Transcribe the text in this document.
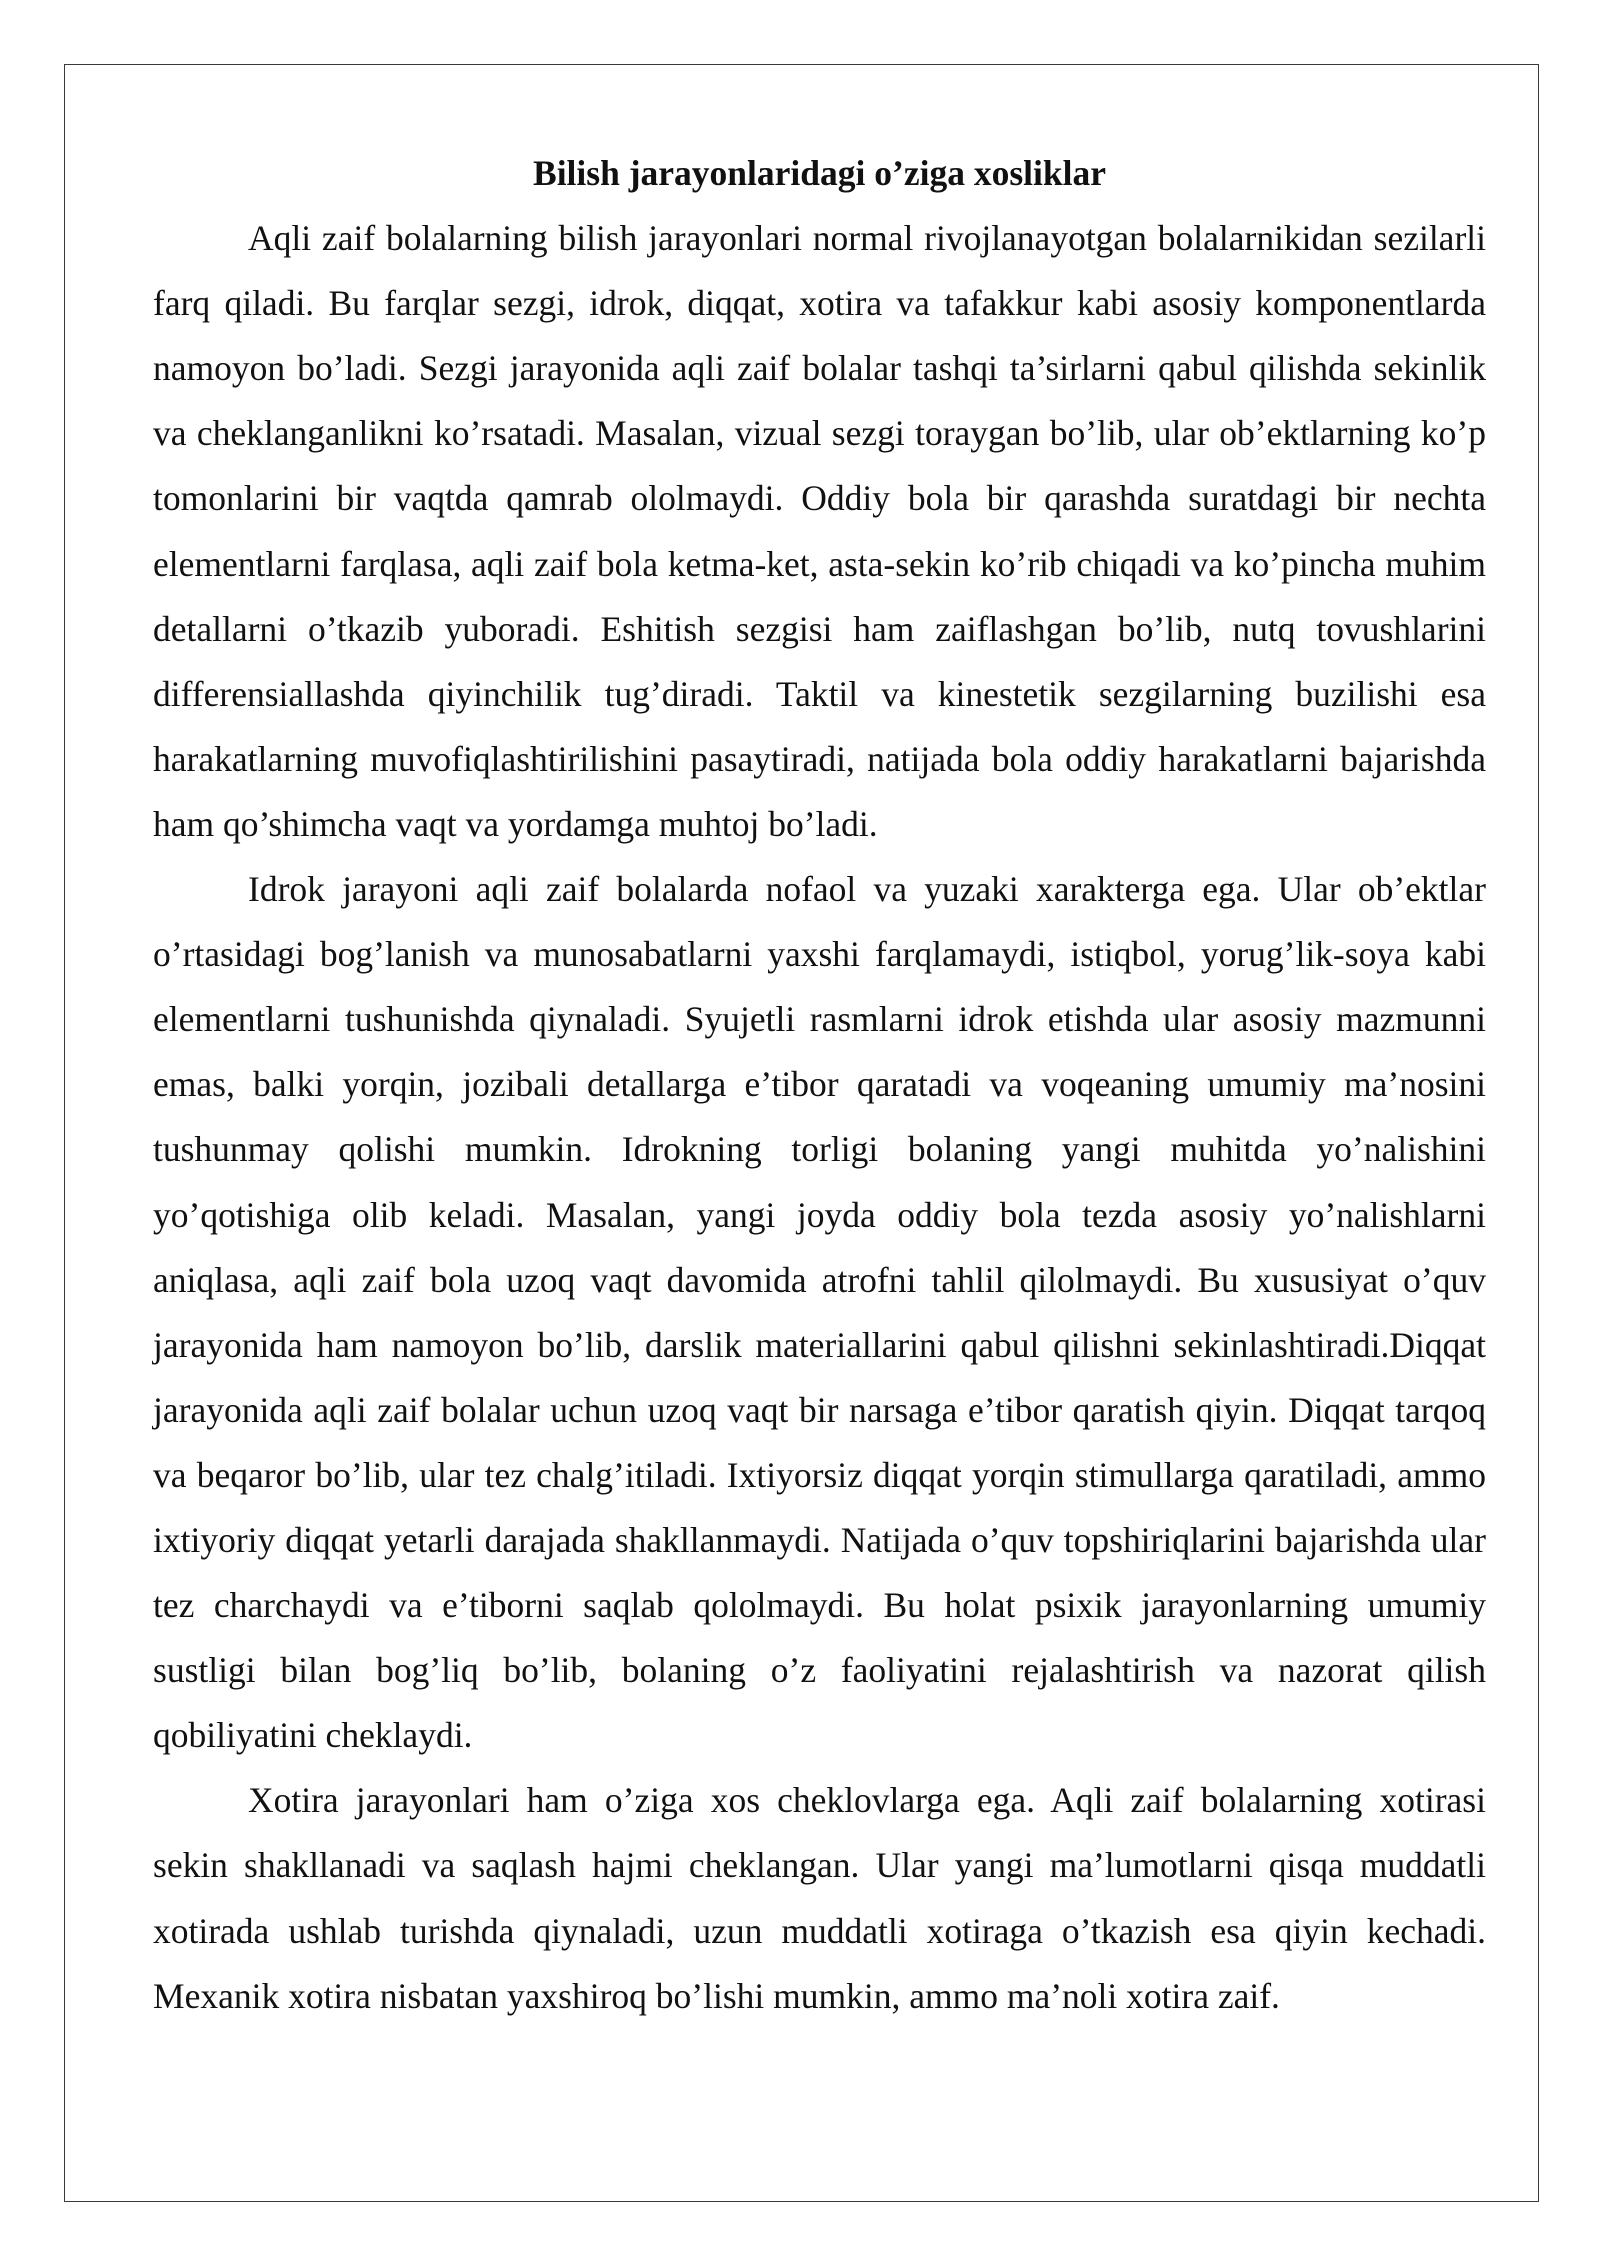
Bilish jarayonlaridagi o’ziga xosliklar

Aqli zaif bolalarning bilish jarayonlari normal rivojlanayotgan bolalarnikidan sezilarli farq qiladi. Bu farqlar sezgi, idrok, diqqat, xotira va tafakkur kabi asosiy komponentlarda namoyon bo’ladi. Sezgi jarayonida aqli zaif bolalar tashqi ta’sirlarni qabul qilishda sekinlik va cheklanganlikni ko’rsatadi. Masalan, vizual sezgi toraygan bo’lib, ular ob’ektlarning ko’p tomonlarini bir vaqtda qamrab ololmaydi. Oddiy bola bir qarashda suratdagi bir nechta elementlarni farqlasa, aqli zaif bola ketma-ket, asta-sekin ko’rib chiqadi va ko’pincha muhim detallarni o’tkazib yuboradi. Eshitish sezgisi ham zaiflashgan bo’lib, nutq tovushlarini differensiallashda qiyinchilik tug’diradi. Taktil va kinestetik sezgilarning buzilishi esa harakatlarning muvofiqlashtirilishini pasaytiradi, natijada bola oddiy harakatlarni bajarishda ham qo’shimcha vaqt va yordamga muhtoj bo’ladi.

Idrok jarayoni aqli zaif bolalarda nofaol va yuzaki xarakterga ega. Ular ob’ektlar o’rtasidagi bog’lanish va munosabatlarni yaxshi farqlamaydi, istiqbol, yorug’lik-soya kabi elementlarni tushunishda qiynaladi. Syujetli rasmlarni idrok etishda ular asosiy mazmunni emas, balki yorqin, jozibali detallarga e’tibor qaratadi va voqeaning umumiy ma’nosini tushunmay qolishi mumkin. Idrokning torligi bolaning yangi muhitda yo’nalishini yo’qotishiga olib keladi. Masalan, yangi joyda oddiy bola tezda asosiy yo’nalishlarni aniqlasa, aqli zaif bola uzoq vaqt davomida atrofni tahlil qilolmaydi. Bu xususiyat o’quv jarayonida ham namoyon bo’lib, darslik materiallarini qabul qilishni sekinlashtiradi.Diqqat jarayonida aqli zaif bolalar uchun uzoq vaqt bir narsaga e’tibor qaratish qiyin. Diqqat tarqoq va beqaror bo’lib, ular tez chalg’itiladi. Ixtiyorsiz diqqat yorqin stimullarga qaratiladi, ammo ixtiyoriy diqqat yetarli darajada shakllanmaydi. Natijada o’quv topshiriqlarini bajarishda ular tez charchaydi va e’tiborni saqlab qololmaydi. Bu holat psixik jarayonlarning umumiy sustligi bilan bog’liq bo’lib, bolaning o’z faoliyatini rejalashtirish va nazorat qilish qobiliyatini cheklaydi.

Xotira jarayonlari ham o’ziga xos cheklovlarga ega. Aqli zaif bolalarning xotirasi sekin shakllanadi va saqlash hajmi cheklangan. Ular yangi ma’lumotlarni qisqa muddatli xotirada ushlab turishda qiynaladi, uzun muddatli xotiraga o’tkazish esa qiyin kechadi. Mexanik xotira nisbatan yaxshiroq bo’lishi mumkin, ammo ma’noli xotira zaif.
